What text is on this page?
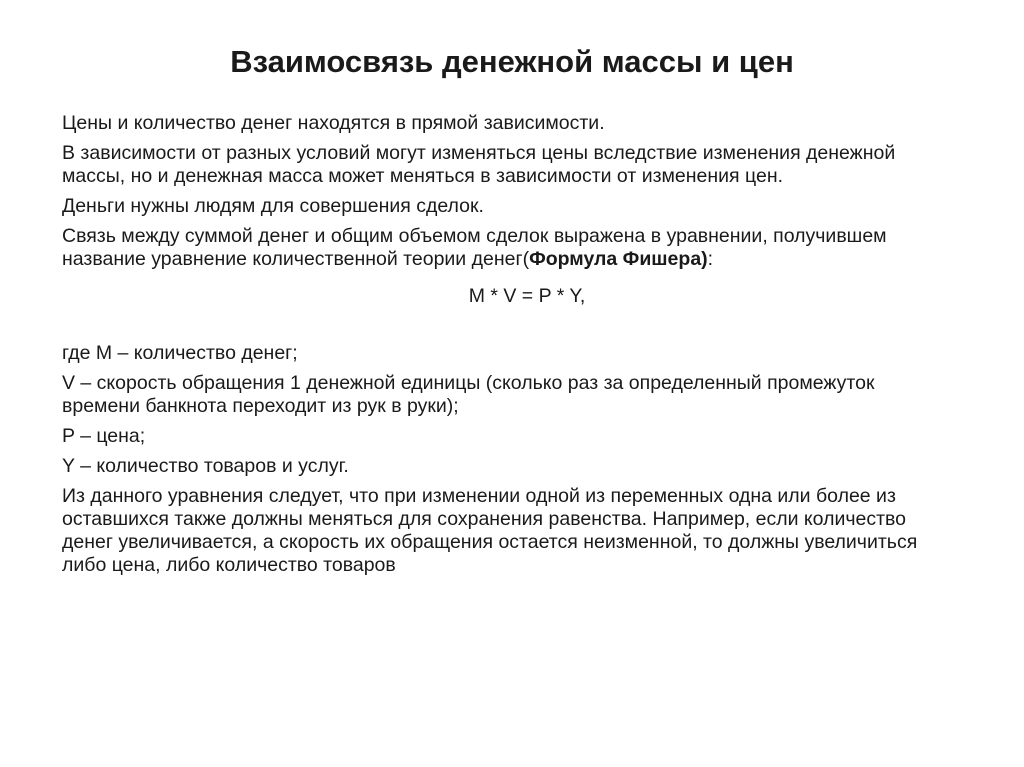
Взаимосвязь денежной массы и цен

Цены и количество денег находятся в прямой зависимости.

В зависимости от разных условий могут изменяться цены вследствие изменения денежной массы, но и денежная масса может меняться в зависимости от изменения цен.

Деньги нужны людям для совершения сделок.

Связь между суммой денег и общим объемом сделок выражена в уравнении, получившем название уравнение количественной теории денег(Формула Фишера):

M * V = P * Y,

где М – количество денег;

V – скорость обращения 1 денежной единицы (сколько раз за определенный промежуток времени банкнота переходит из рук в руки);

P – цена;

Y – количество товаров и услуг.

Из данного уравнения следует, что при изменении одной из переменных одна или более из оставшихся также должны меняться для сохранения равенства. Например, если количество денег увеличивается, а скорость их обращения остается неизменной, то должны увеличиться либо цена, либо количество товаров
